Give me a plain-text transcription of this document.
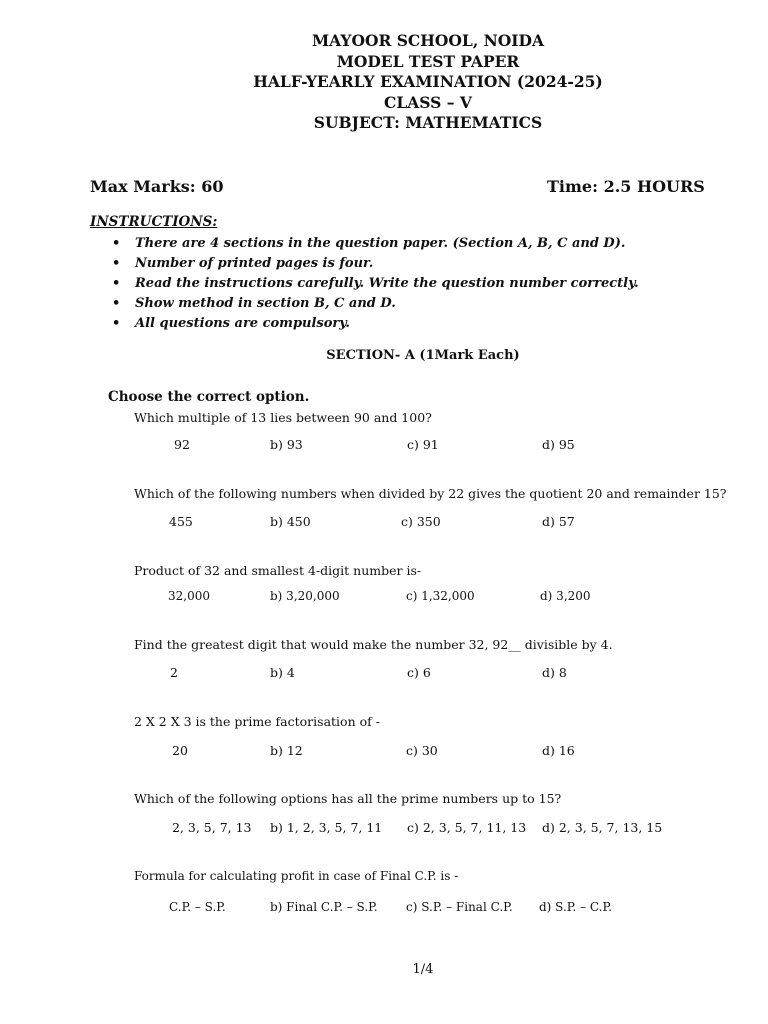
MAYOOR SCHOOL, NOIDA
MODEL TEST PAPER
HALF-YEARLY EXAMINATION (2024-25)
CLASS – V
SUBJECT: MATHEMATICS
Max Marks: 60	Time: 2.5 HOURS
INSTRUCTIONS:
• There are 4 sections in the question paper. (Section A, B, C and D).
• Number of printed pages is four.
• Read the instructions carefully. Write the question number correctly.
• Show method in section B, C and D.
• All questions are compulsory.
SECTION- A (1Mark Each)
Choose the correct option.
Which multiple of 13 lies between 90 and 100?
92	b) 93	c) 91	d) 95
Which of the following numbers when divided by 22 gives the quotient 20 and remainder 15?
455	b) 450	c) 350	d) 57
Product of 32 and smallest 4-digit number is-
32,000	b) 3,20,000	c) 1,32,000	d) 3,200
Find the greatest digit that would make the number 32, 92__ divisible by 4.
2	b) 4	c) 6	d) 8
2 X 2 X 3 is the prime factorisation of -
20	b) 12	c) 30	d) 16
Which of the following options has all the prime numbers up to 15?
2, 3, 5, 7, 13 b) 1, 2, 3, 5, 7, 11 c) 2, 3, 5, 7, 11, 13 d) 2, 3, 5, 7, 13, 15
Formula for calculating profit in case of Final C.P. is -
C.P. – S.P.	b) Final C.P. – S.P. c) S.P. – Final C.P. d) S.P. – C.P.
1/4
